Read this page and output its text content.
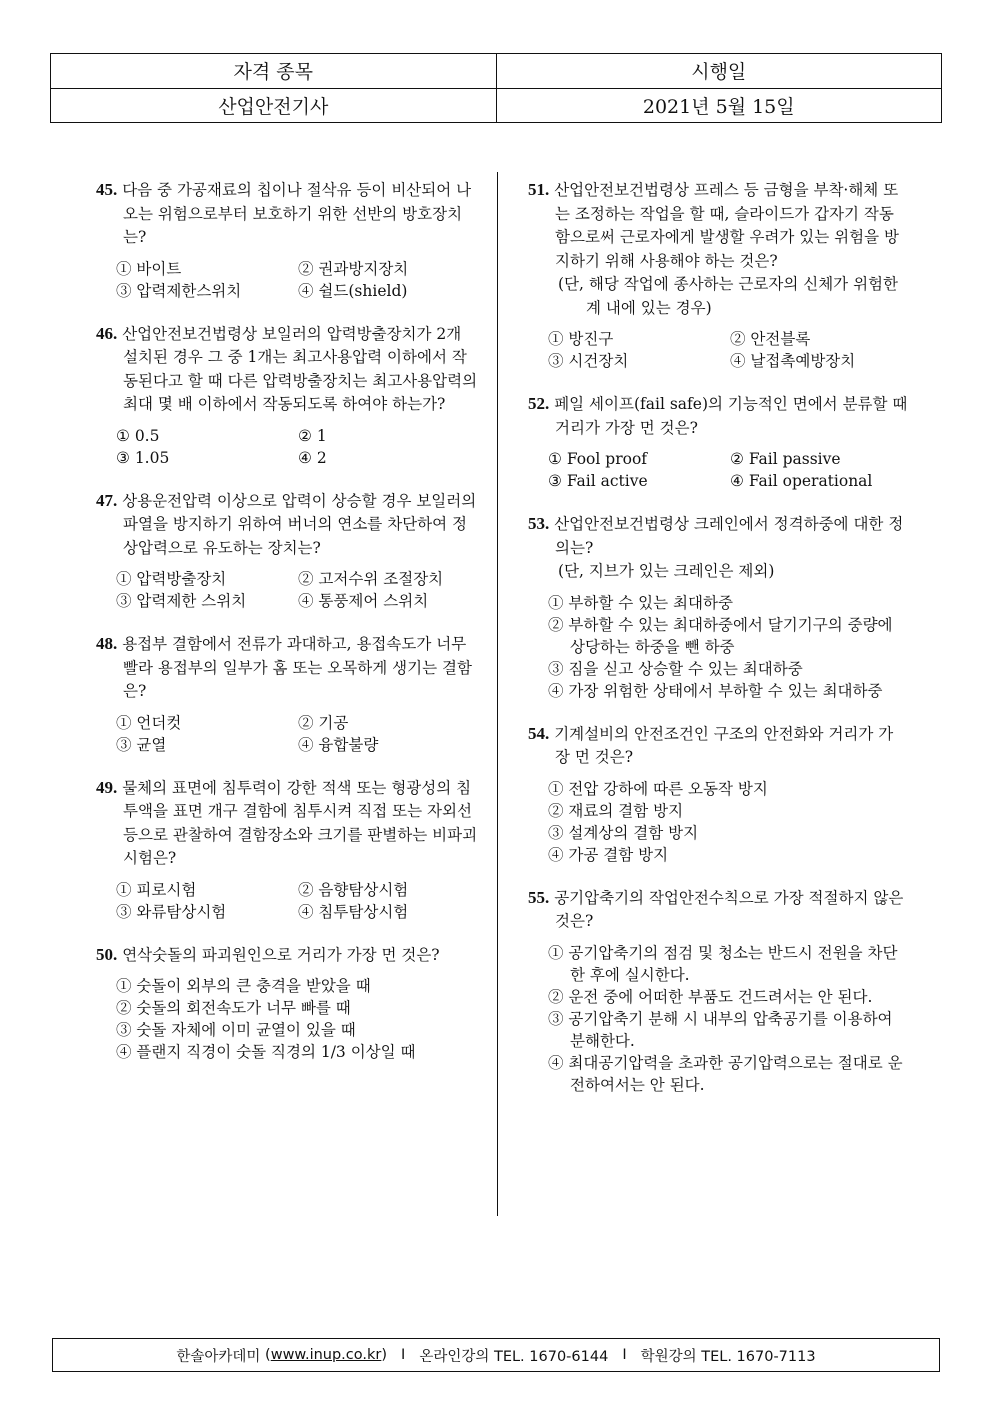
자격 종목	시행일
산업안전기사	2021년 5월 15일
45. 다음 중 가공재료의 칩이나 절삭유 등이 비산되어 나오는 위험으로부터 보호하기 위한 선반의 방호장치는?
① 바이트	② 권과방지장치
③ 압력제한스위치	④ 쉴드(shield)
46. 산업안전보건법령상 보일러의 압력방출장치가 2개 설치된 경우 그 중 1개는 최고사용압력 이하에서 작동된다고 할 때 다른 압력방출장치는 최고사용압력의 최대 몇 배 이하에서 작동되도록 하여야 하는가?
① 0.5	② 1
③ 1.05	④ 2
47. 상용운전압력 이상으로 압력이 상승할 경우 보일러의 파열을 방지하기 위하여 버너의 연소를 차단하여 정상압력으로 유도하는 장치는?
① 압력방출장치	② 고저수위 조절장치
③ 압력제한 스위치	④ 통풍제어 스위치
48. 용접부 결함에서 전류가 과대하고, 용접속도가 너무 빨라 용접부의 일부가 홈 또는 오목하게 생기는 결함은?
① 언더컷	② 기공
③ 균열	④ 융합불량
49. 물체의 표면에 침투력이 강한 적색 또는 형광성의 침투액을 표면 개구 결함에 침투시켜 직접 또는 자외선 등으로 관찰하여 결함장소와 크기를 판별하는 비파괴시험은?
① 피로시험	② 음향탐상시험
③ 와류탐상시험	④ 침투탐상시험
50. 연삭숫돌의 파괴원인으로 거리가 가장 먼 것은?
① 숫돌이 외부의 큰 충격을 받았을 때
② 숫돌의 회전속도가 너무 빠를 때
③ 숫돌 자체에 이미 균열이 있을 때
④ 플랜지 직경이 숫돌 직경의 1/3 이상일 때
51. 산업안전보건법령상 프레스 등 금형을 부착·해체 또는 조정하는 작업을 할 때, 슬라이드가 갑자기 작동함으로써 근로자에게 발생할 우려가 있는 위험을 방지하기 위해 사용해야 하는 것은?
(단, 해당 작업에 종사하는 근로자의 신체가 위험한계 내에 있는 경우)
① 방진구	② 안전블록
③ 시건장치	④ 날접촉예방장치
52. 페일 세이프(fail safe)의 기능적인 면에서 분류할 때 거리가 가장 먼 것은?
① Fool proof	② Fail passive
③ Fail active	④ Fail operational
53. 산업안전보건법령상 크레인에서 정격하중에 대한 정의는?
(단, 지브가 있는 크레인은 제외)
① 부하할 수 있는 최대하중
② 부하할 수 있는 최대하중에서 달기기구의 중량에 상당하는 하중을 뺀 하중
③ 짐을 싣고 상승할 수 있는 최대하중
④ 가장 위험한 상태에서 부하할 수 있는 최대하중
54. 기계설비의 안전조건인 구조의 안전화와 거리가 가장 먼 것은?
① 전압 강하에 따른 오동작 방지
② 재료의 결함 방지
③ 설계상의 결함 방지
④ 가공 결함 방지
55. 공기압축기의 작업안전수칙으로 가장 적절하지 않은 것은?
① 공기압축기의 점검 및 청소는 반드시 전원을 차단한 후에 실시한다.
② 운전 중에 어떠한 부품도 건드려서는 안 된다.
③ 공기압축기 분해 시 내부의 압축공기를 이용하여 분해한다.
④ 최대공기압력을 초과한 공기압력으로는 절대로 운전하여서는 안 된다.
한솔아카데미 ( www.inup.co.kr ) I 온라인강의 TEL. 1670-6144 I 학원강의 TEL. 1670-7113
